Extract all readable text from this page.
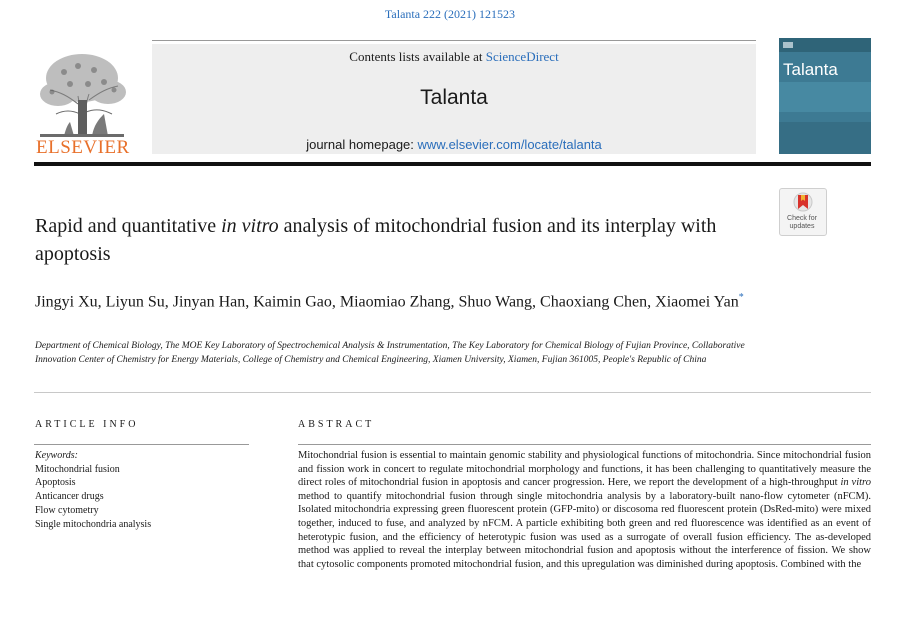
Talanta 222 (2021) 121523
ELSEVIER
Contents lists available at ScienceDirect
Talanta
journal homepage: www.elsevier.com/locate/talanta
Talanta
Check for updates
Rapid and quantitative in vitro analysis of mitochondrial fusion and its interplay with apoptosis
Jingyi Xu, Liyun Su, Jinyan Han, Kaimin Gao, Miaomiao Zhang, Shuo Wang, Chaoxiang Chen, Xiaomei Yan*
Department of Chemical Biology, The MOE Key Laboratory of Spectrochemical Analysis & Instrumentation, The Key Laboratory for Chemical Biology of Fujian Province, Collaborative Innovation Center of Chemistry for Energy Materials, College of Chemistry and Chemical Engineering, Xiamen University, Xiamen, Fujian 361005, People's Republic of China
ARTICLE INFO	ABSTRACT
Keywords:
Mitochondrial fusion
Apoptosis
Anticancer drugs
Flow cytometry
Single mitochondria analysis

Mitochondrial fusion is essential to maintain genomic stability and physiological functions of mitochondria. Since mitochondrial fusion and fission work in concert to regulate mitochondrial morphology and functions, it has been challenging to quantitatively measure the direct roles of mitochondrial fusion in apoptosis and cancer progression. Here, we report the development of a high-throughput in vitro method to quantify mitochondrial fusion through single mitochondria analysis by a laboratory-built nano-flow cytometer (nFCM). Isolated mitochondria expressing green fluorescent protein (GFP-mito) or discosoma red fluorescent protein (DsRed-mito) were mixed together, induced to fuse, and analyzed by nFCM. A particle exhibiting both green and red fluorescence was identified as an event of heterotypic fusion, and the efficiency of heterotypic fusion was used as a surrogate of overall fusion efficiency. The as-developed method was applied to reveal the interplay between mitochondrial fusion and apoptosis without the interference of fission. We show that cytosolic components promoted mitochondrial fusion, and this upregulation was diminished during apoptosis. Combined with the
